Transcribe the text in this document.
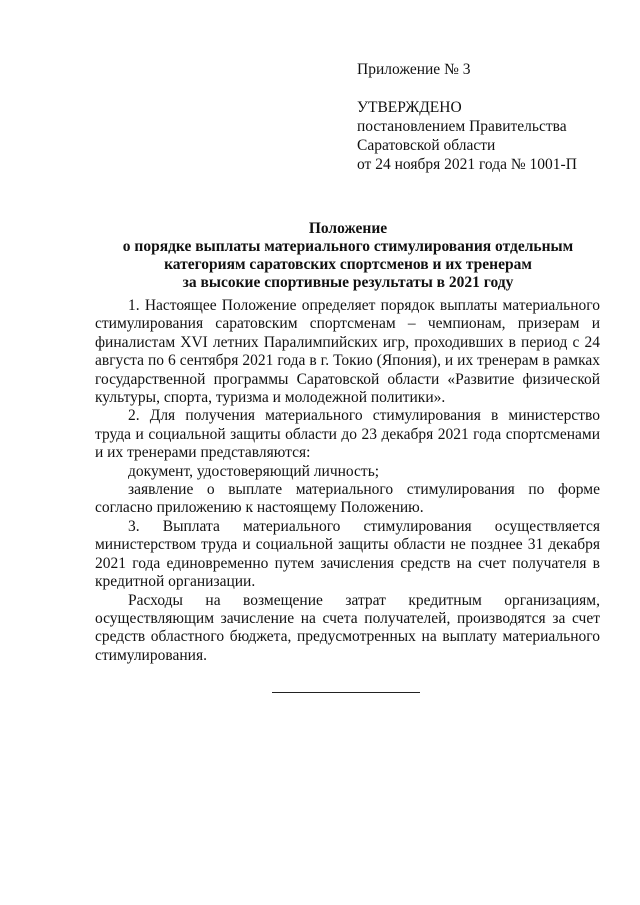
Приложение № 3
УТВЕРЖДЕНО
постановлением Правительства
Саратовской области
от 24 ноября 2021 года № 1001-П
Положение
о порядке выплаты материального стимулирования отдельным
категориям саратовских спортсменов и их тренерам
за высокие спортивные результаты в 2021 году

1. Настоящее Положение определяет порядок выплаты материального стимулирования саратовским спортсменам – чемпионам, призерам и финалистам XVI летних Паралимпийских игр, проходивших в период с 24 августа по 6 сентября 2021 года в г. Токио (Япония), и их тренерам в рамках государственной программы Саратовской области «Развитие физической культуры, спорта, туризма и молодежной политики».

2. Для получения материального стимулирования в министерство труда и социальной защиты области до 23 декабря 2021 года спортсменами и их тренерами представляются:

документ, удостоверяющий личность;

заявление о выплате материального стимулирования по форме согласно приложению к настоящему Положению.

3. Выплата материального стимулирования осуществляется министерством труда и социальной защиты области не позднее 31 декабря 2021 года единовременно путем зачисления средств на счет получателя в кредитной организации.

Расходы на возмещение затрат кредитным организациям, осуществляющим зачисление на счета получателей, производятся за счет средств областного бюджета, предусмотренных на выплату материального стимулирования.
